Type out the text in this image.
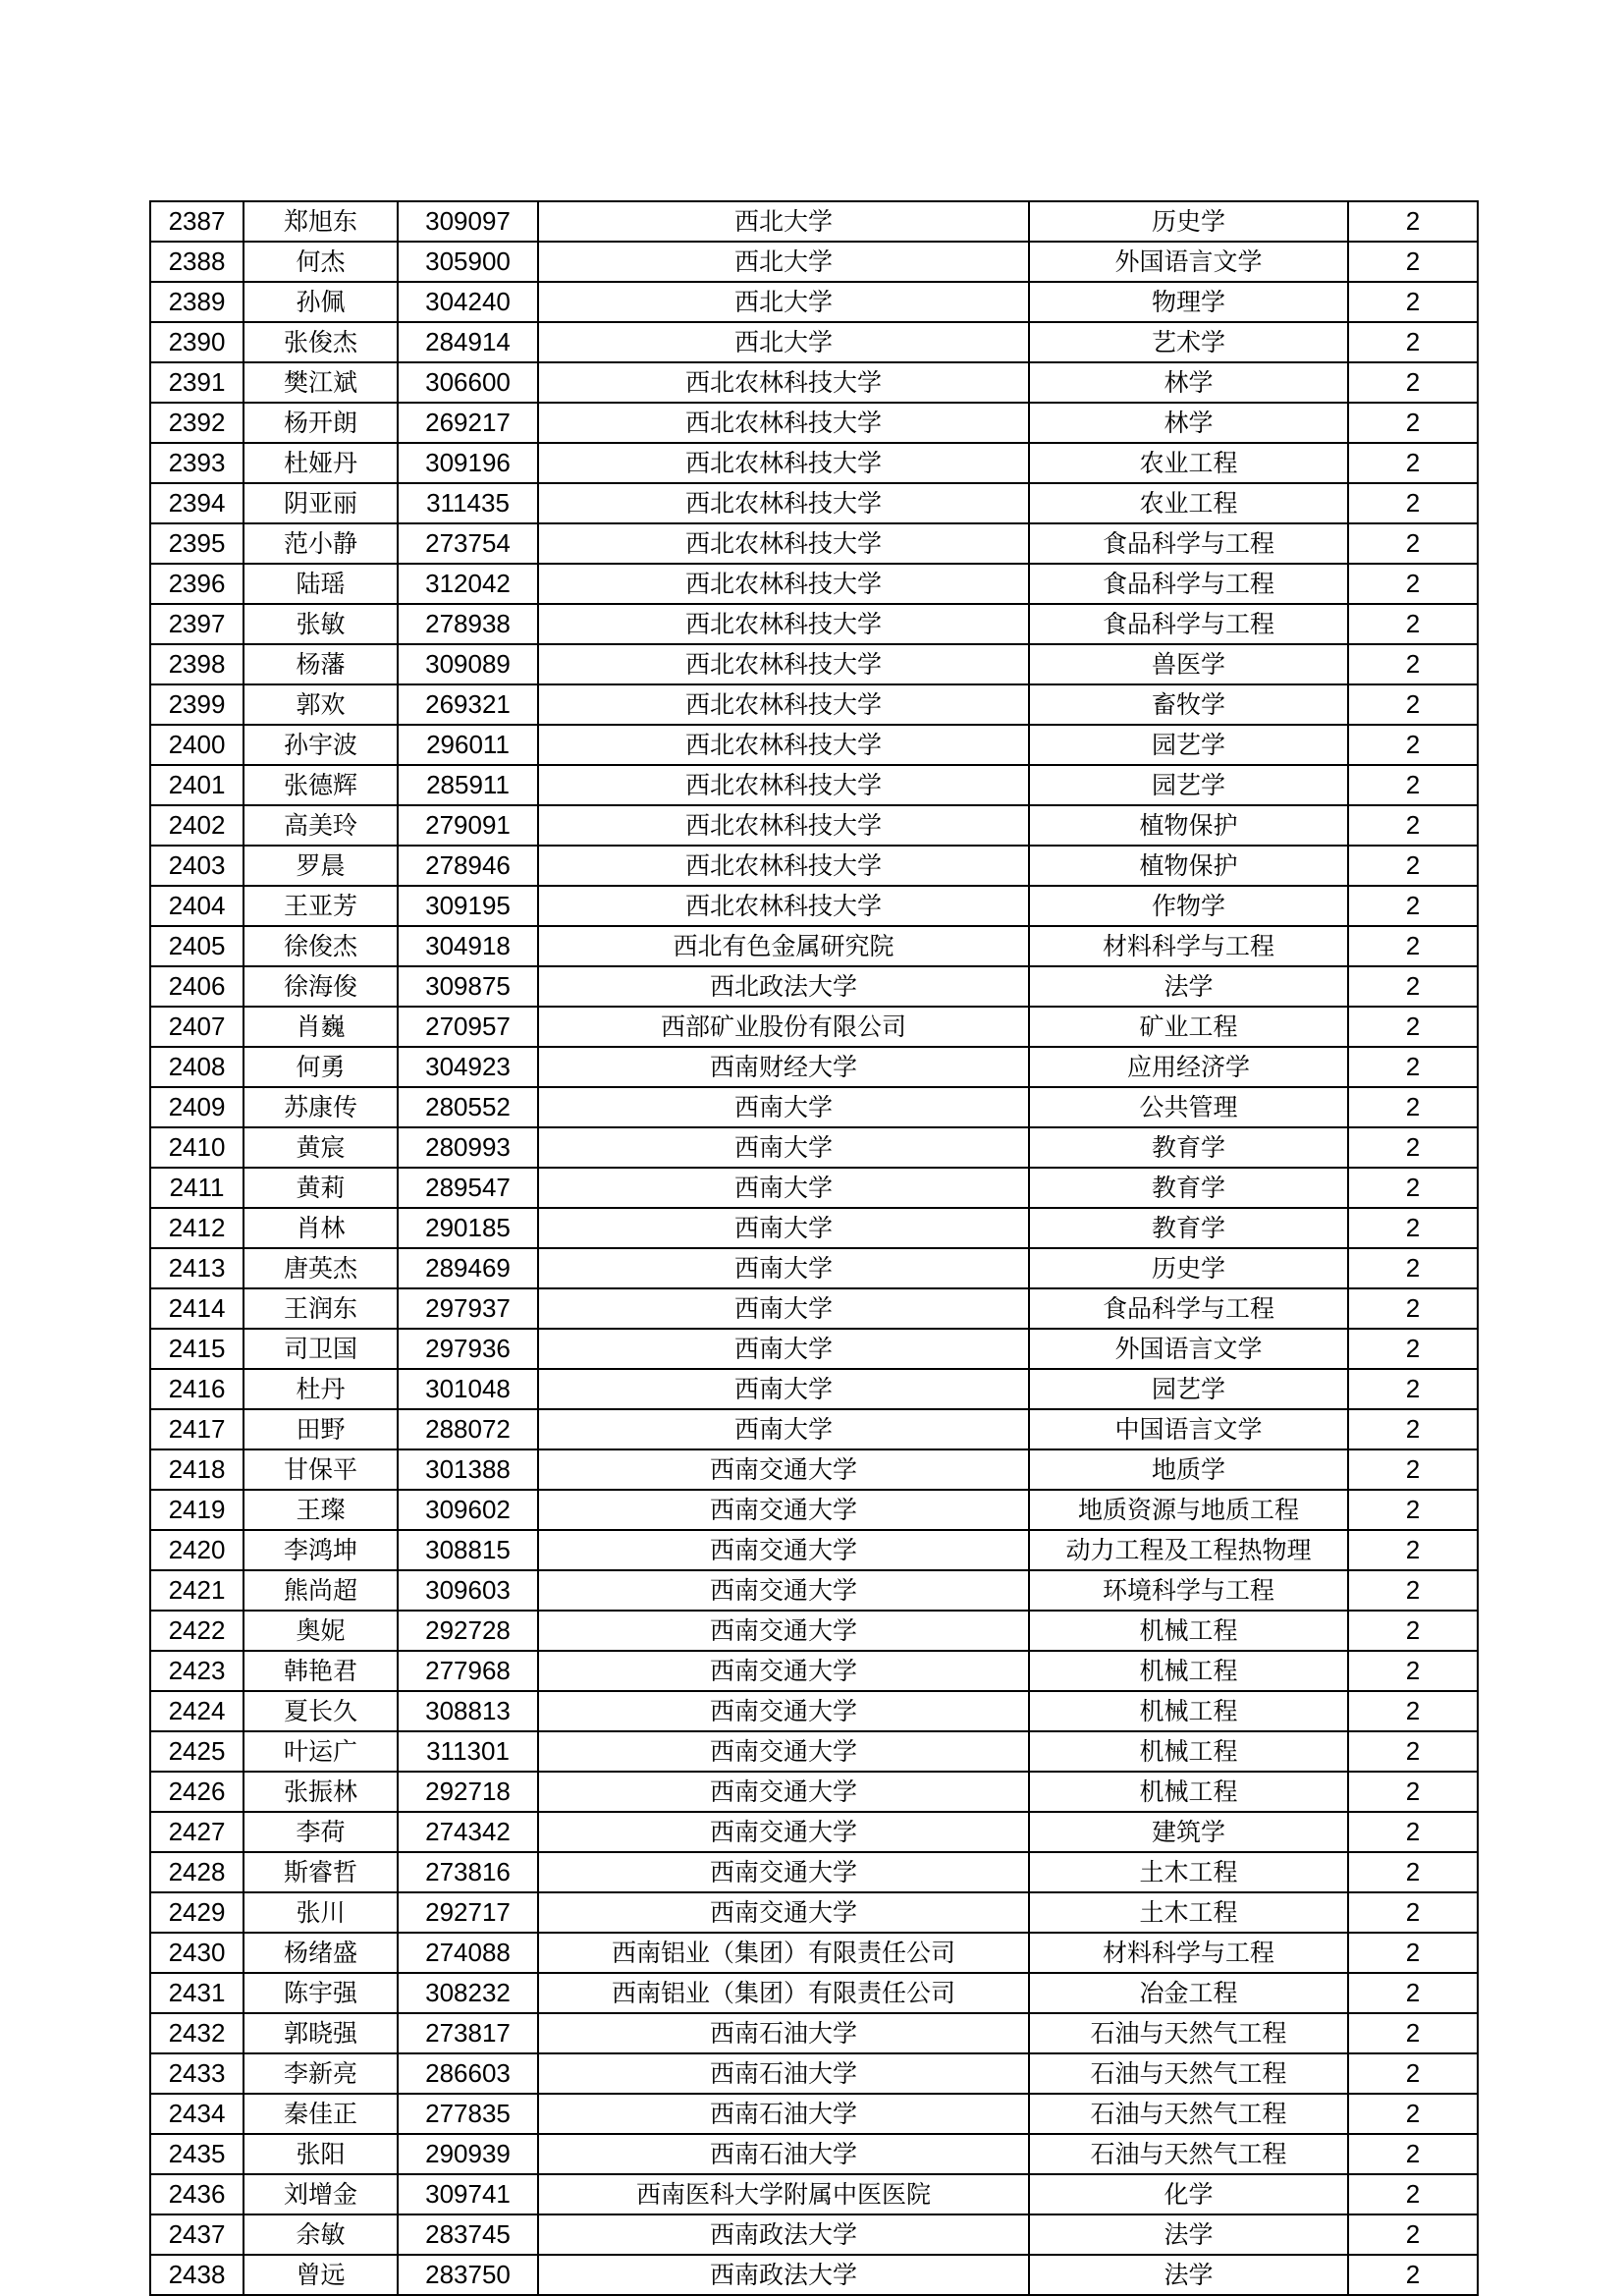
2387	郑旭东	309097	西北大学	历史学	2
2388	何杰	305900	西北大学	外国语言文学	2
2389	孙佩	304240	西北大学	物理学	2
2390	张俊杰	284914	西北大学	艺术学	2
2391	樊江斌	306600	西北农林科技大学	林学	2
2392	杨开朗	269217	西北农林科技大学	林学	2
2393	杜娅丹	309196	西北农林科技大学	农业工程	2
2394	阴亚丽	311435	西北农林科技大学	农业工程	2
2395	范小静	273754	西北农林科技大学	食品科学与工程	2
2396	陆瑶	312042	西北农林科技大学	食品科学与工程	2
2397	张敏	278938	西北农林科技大学	食品科学与工程	2
2398	杨藩	309089	西北农林科技大学	兽医学	2
2399	郭欢	269321	西北农林科技大学	畜牧学	2
2400	孙宇波	296011	西北农林科技大学	园艺学	2
2401	张德辉	285911	西北农林科技大学	园艺学	2
2402	高美玲	279091	西北农林科技大学	植物保护	2
2403	罗晨	278946	西北农林科技大学	植物保护	2
2404	王亚芳	309195	西北农林科技大学	作物学	2
2405	徐俊杰	304918	西北有色金属研究院	材料科学与工程	2
2406	徐海俊	309875	西北政法大学	法学	2
2407	肖巍	270957	西部矿业股份有限公司	矿业工程	2
2408	何勇	304923	西南财经大学	应用经济学	2
2409	苏康传	280552	西南大学	公共管理	2
2410	黄宸	280993	西南大学	教育学	2
2411	黄莉	289547	西南大学	教育学	2
2412	肖林	290185	西南大学	教育学	2
2413	唐英杰	289469	西南大学	历史学	2
2414	王润东	297937	西南大学	食品科学与工程	2
2415	司卫国	297936	西南大学	外国语言文学	2
2416	杜丹	301048	西南大学	园艺学	2
2417	田野	288072	西南大学	中国语言文学	2
2418	甘保平	301388	西南交通大学	地质学	2
2419	王璨	309602	西南交通大学	地质资源与地质工程	2
2420	李鸿坤	308815	西南交通大学	动力工程及工程热物理	2
2421	熊尚超	309603	西南交通大学	环境科学与工程	2
2422	奥妮	292728	西南交通大学	机械工程	2
2423	韩艳君	277968	西南交通大学	机械工程	2
2424	夏长久	308813	西南交通大学	机械工程	2
2425	叶运广	311301	西南交通大学	机械工程	2
2426	张振林	292718	西南交通大学	机械工程	2
2427	李荷	274342	西南交通大学	建筑学	2
2428	斯睿哲	273816	西南交通大学	土木工程	2
2429	张川	292717	西南交通大学	土木工程	2
2430	杨绪盛	274088	西南铝业（集团）有限责任公司	材料科学与工程	2
2431	陈宇强	308232	西南铝业（集团）有限责任公司	冶金工程	2
2432	郭晓强	273817	西南石油大学	石油与天然气工程	2
2433	李新亮	286603	西南石油大学	石油与天然气工程	2
2434	秦佳正	277835	西南石油大学	石油与天然气工程	2
2435	张阳	290939	西南石油大学	石油与天然气工程	2
2436	刘增金	309741	西南医科大学附属中医医院	化学	2
2437	余敏	283745	西南政法大学	法学	2
2438	曾远	283750	西南政法大学	法学	2
